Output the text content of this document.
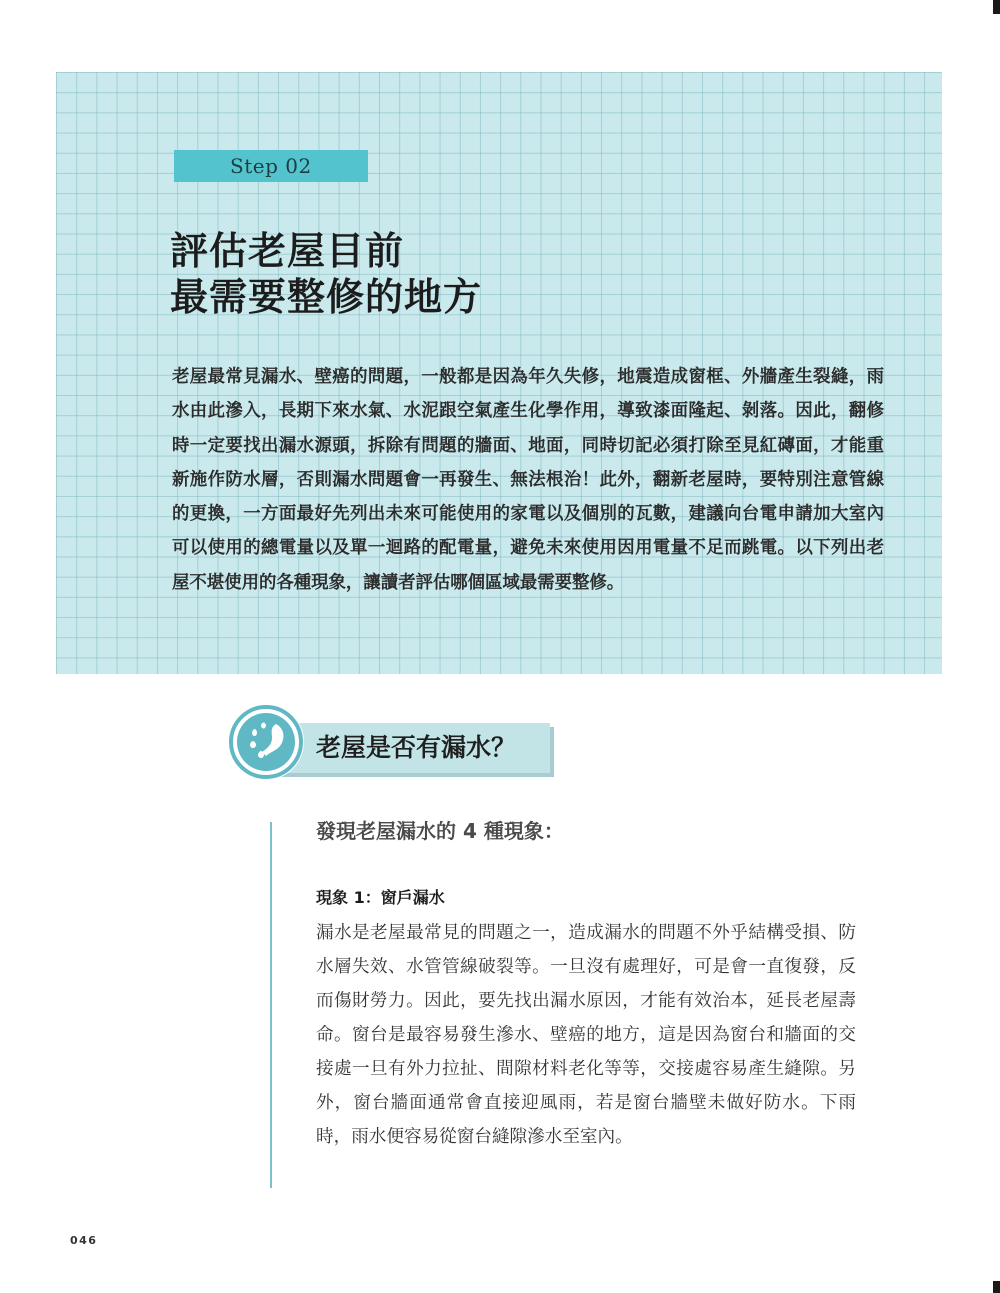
Step 02
評估老屋目前
最需要整修的地方

老屋最常見漏水、壁癌的問題，一般都是因為年久失修，地震造成窗框、外牆產生裂縫，雨水由此滲入，長期下來水氣、水泥跟空氣產生化學作用，導致漆面隆起、剝落。因此，翻修時一定要找出漏水源頭，拆除有問題的牆面、地面，同時切記必須打除至見紅磚面，才能重新施作防水層，否則漏水問題會一再發生、無法根治！此外，翻新老屋時，要特別注意管線的更換，一方面最好先列出未來可能使用的家電以及個別的瓦數，建議向台電申請加大室內可以使用的總電量以及單一迴路的配電量，避免未來使用因用電量不足而跳電。以下列出老屋不堪使用的各種現象，讓讀者評估哪個區域最需要整修。

老屋是否有漏水？
發現老屋漏水的 4 種現象：
現象 1：窗戶漏水

漏水是老屋最常見的問題之一，造成漏水的問題不外乎結構受損、防水層失效、水管管線破裂等。一旦沒有處理好，可是會一直復發，反而傷財勞力。因此，要先找出漏水原因，才能有效治本，延長老屋壽命。窗台是最容易發生滲水、壁癌的地方，這是因為窗台和牆面的交接處一旦有外力拉扯、間隙材料老化等等，交接處容易產生縫隙。另外，窗台牆面通常會直接迎風雨，若是窗台牆壁未做好防水。下雨時，雨水便容易從窗台縫隙滲水至室內。

046
